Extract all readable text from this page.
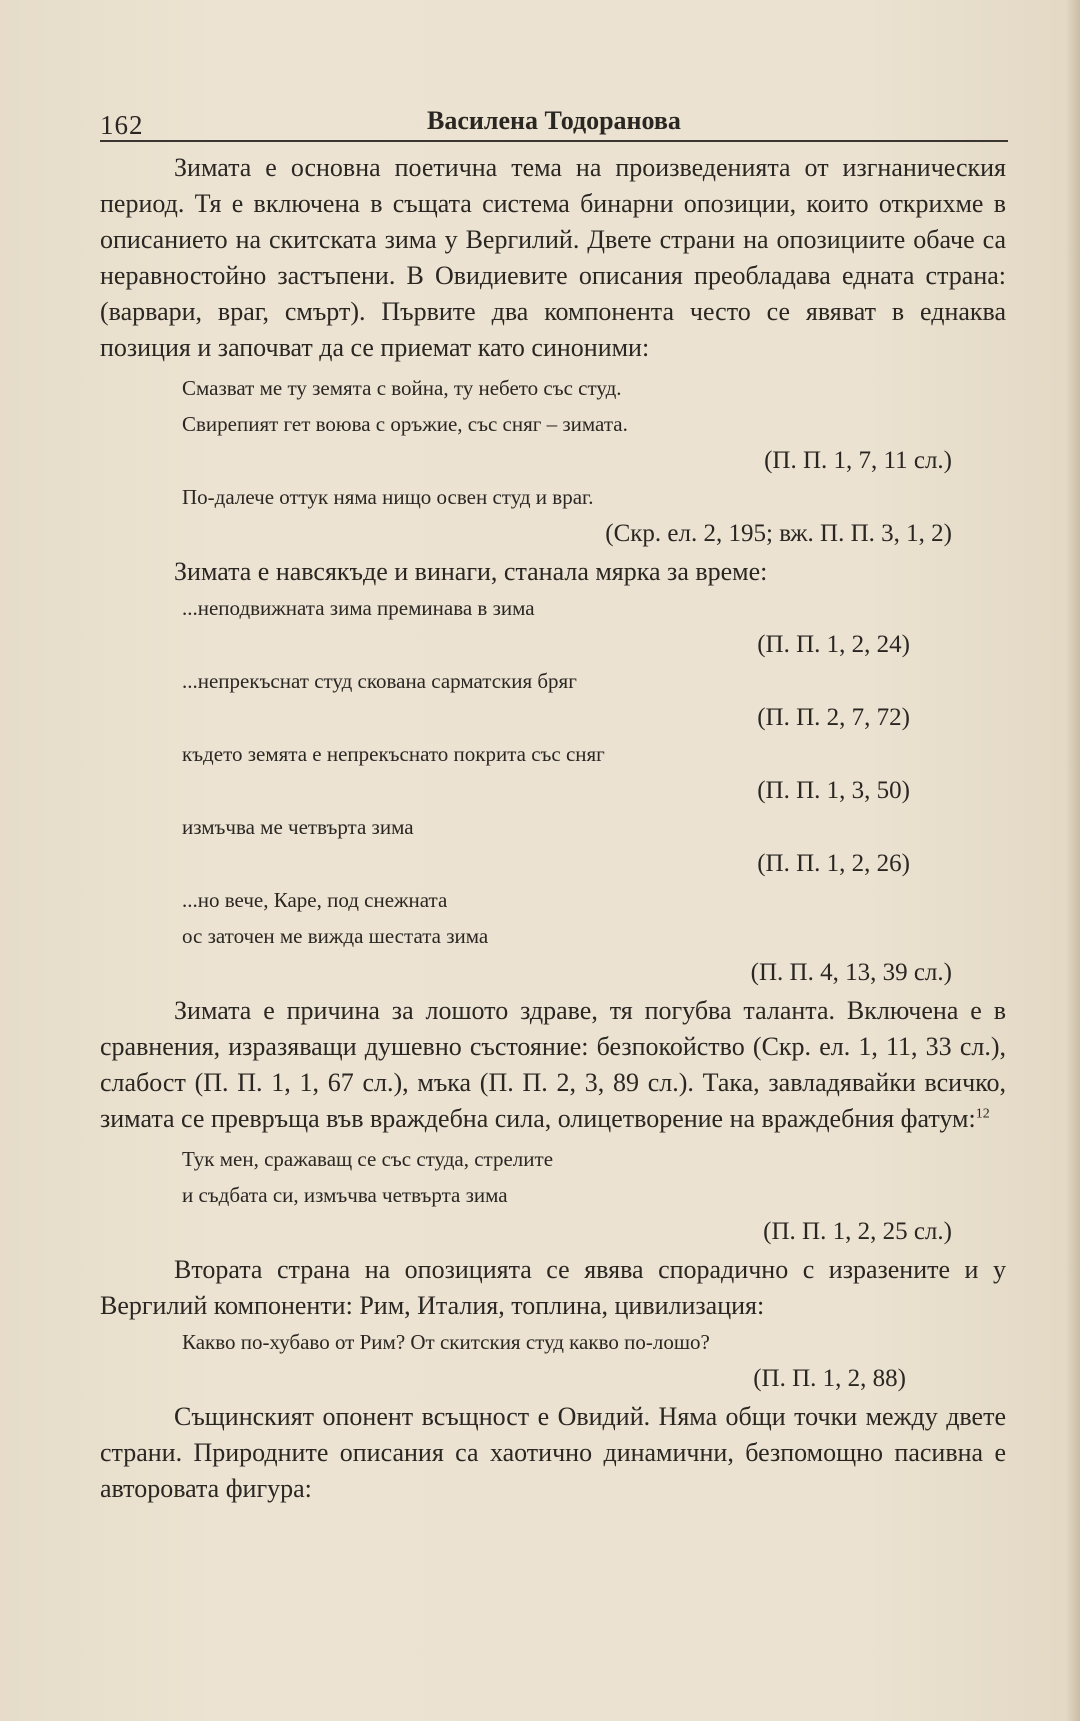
162	Василена Тодоранова

Зимата е основна поетична тема на произведенията от изгнаническия период. Тя е включена в същата система бинарни опозиции, които открихме в описанието на скитската зима у Вергилий. Двете страни на опозициите обаче са неравностойно застъпени. В Овидиевите описания преобладава едната страна: (варвари, враг, смърт). Първите два компонента често се явяват в еднаква позиция и започват да се приемат като синоними:

Смазват ме ту земята с война, ту небето със студ.

Свирепият гет воюва с оръжие, със сняг – зимата.

(П. П. 1, 7, 11 сл.)

По-далече оттук няма нищо освен студ и враг.

(Скр. ел. 2, 195; вж. П. П. 3, 1, 2)

Зимата е навсякъде и винаги, станала мярка за време:

...неподвижната зима преминава в зима

(П. П. 1, 2, 24)

...непрекъснат студ скована сарматския бряг

(П. П. 2, 7, 72)

където земята е непрекъснато покрита със сняг

(П. П. 1, 3, 50)

измъчва ме четвърта зима

(П. П. 1, 2, 26)

...но вече, Каре, под снежната

ос заточен ме вижда шестата зима

(П. П. 4, 13, 39 сл.)

Зимата е причина за лошото здраве, тя погубва таланта. Включена е в сравнения, изразяващи душевно състояние: безпокойство (Скр. ел. 1, 11, 33 сл.), слабост (П. П. 1, 1, 67 сл.), мъка (П. П. 2, 3, 89 сл.). Така, завладявайки всичко, зимата се превръща във враждебна сила, олицетворение на враждебния фатум:$^{12}$

Тук мен, сражаващ се със студа, стрелите

и съдбата си, измъчва четвърта зима

(П. П. 1, 2, 25 сл.)

Втората страна на опозицията се явява спорадично с изразените и у Вергилий компоненти: Рим, Италия, топлина, цивилизация:

Какво по-хубаво от Рим? От скитския студ какво по-лошо?

(П. П. 1, 2, 88)

Същинският опонент всъщност е Овидий. Няма общи точки между двете страни. Природните описания са хаотично динамични, безпомощно пасивна е авторовата фигура:
